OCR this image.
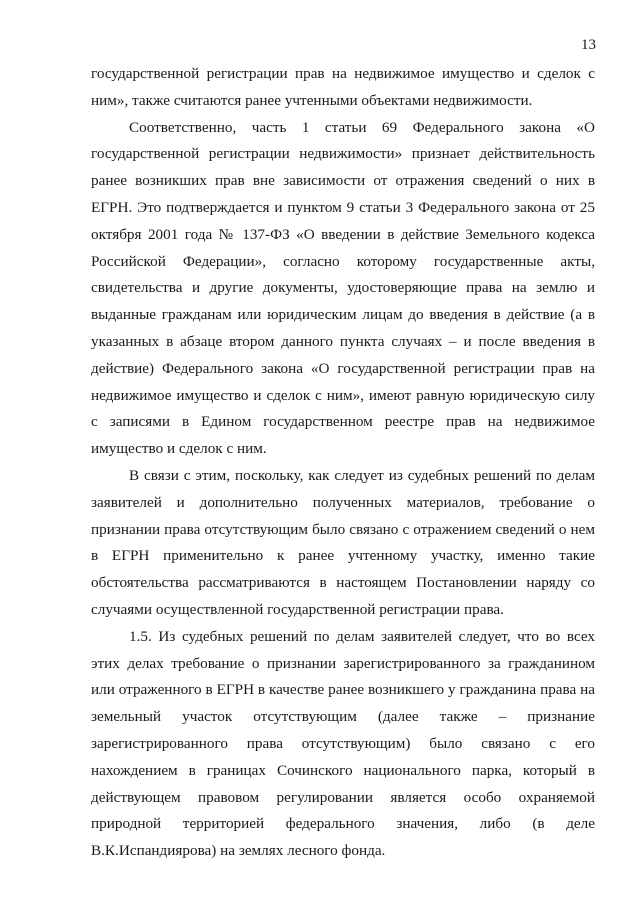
13

государственной регистрации прав на недвижимое имущество и сделок с ним», также считаются ранее учтенными объектами недвижимости.

Соответственно, часть 1 статьи 69 Федерального закона «О государственной регистрации недвижимости» признает действительность ранее возникших прав вне зависимости от отражения сведений о них в ЕГРН. Это подтверждается и пунктом 9 статьи 3 Федерального закона от 25 октября 2001 года № 137-ФЗ «О введении в действие Земельного кодекса Российской Федерации», согласно которому государственные акты, свидетельства и другие документы, удостоверяющие права на землю и выданные гражданам или юридическим лицам до введения в действие (а в указанных в абзаце втором данного пункта случаях – и после введения в действие) Федерального закона «О государственной регистрации прав на недвижимое имущество и сделок с ним», имеют равную юридическую силу с записями в Едином государственном реестре прав на недвижимое имущество и сделок с ним.

В связи с этим, поскольку, как следует из судебных решений по делам заявителей и дополнительно полученных материалов, требование о признании права отсутствующим было связано с отражением сведений о нем в ЕГРН применительно к ранее учтенному участку, именно такие обстоятельства рассматриваются в настоящем Постановлении наряду со случаями осуществленной государственной регистрации права.

1.5. Из судебных решений по делам заявителей следует, что во всех этих делах требование о признании зарегистрированного за гражданином или отраженного в ЕГРН в качестве ранее возникшего у гражданина права на земельный участок отсутствующим (далее также – признание зарегистрированного права отсутствующим) было связано с его нахождением в границах Сочинского национального парка, который в действующем правовом регулировании является особо охраняемой природной территорией федерального значения, либо (в деле В.К.Испандиярова) на землях лесного фонда.
